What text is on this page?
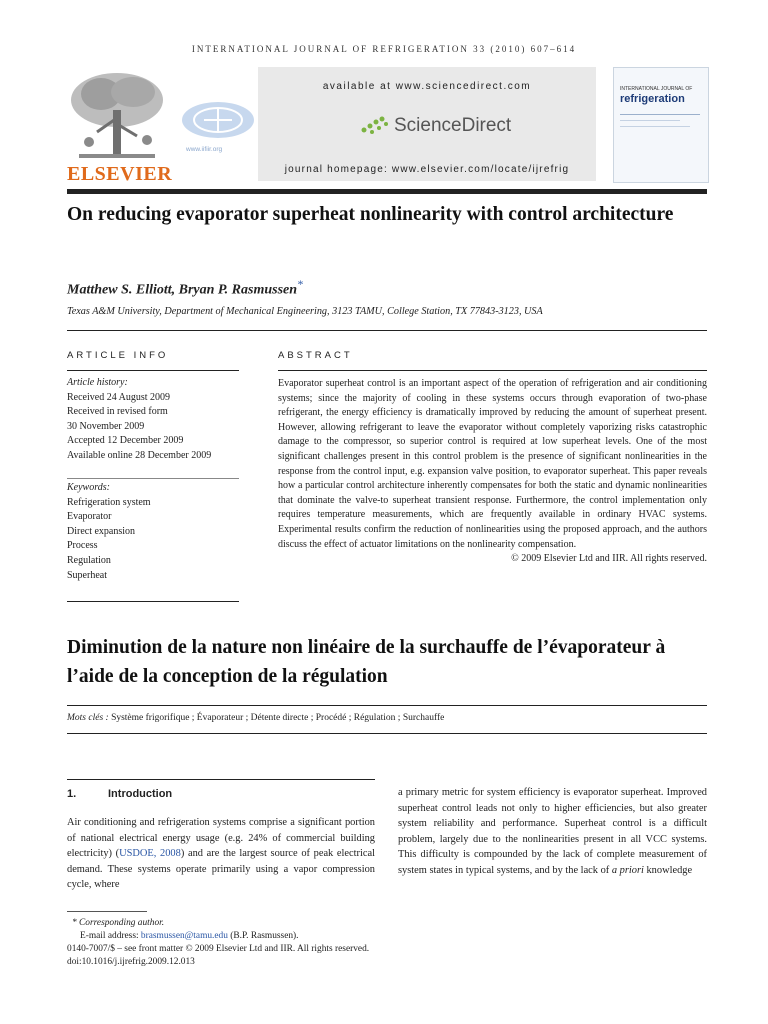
INTERNATIONAL JOURNAL OF REFRIGERATION 33 (2010) 607–614
ELSEVIER
www.iifiir.org
available at www.sciencedirect.com
ScienceDirect
journal homepage: www.elsevier.com/locate/ijrefrig
INTERNATIONAL JOURNAL OF
refrigeration
On reducing evaporator superheat nonlinearity with control architecture
Matthew S. Elliott, Bryan P. Rasmussen*
Texas A&M University, Department of Mechanical Engineering, 3123 TAMU, College Station, TX 77843-3123, USA
ARTICLE INFO
Article history:
Received 24 August 2009
Received in revised form
30 November 2009
Accepted 12 December 2009
Available online 28 December 2009
Keywords:
Refrigeration system
Evaporator
Direct expansion
Process
Regulation
Superheat
ABSTRACT
Evaporator superheat control is an important aspect of the operation of refrigeration and air conditioning systems; since the majority of cooling in these systems occurs through evaporation of two-phase refrigerant, the energy efficiency is dramatically improved by reducing the amount of superheat present. However, allowing refrigerant to leave the evaporator without completely vaporizing risks catastrophic damage to the compressor, so superior control is required at low superheat levels. One of the most significant challenges present in this control problem is the presence of significant nonlinearities in the response from the control input, e.g. expansion valve position, to evaporator superheat. This paper reveals how a particular control architecture inherently compensates for both the static and dynamic nonlinearities that dominate the valve-to superheat transient response. Furthermore, the control implementation only requires temperature measurements, which are frequently available in ordinary HVAC systems. Experimental results confirm the reduction of nonlinearities using the proposed approach, and the authors discuss the effect of actuator limitations on the nonlinearity compensation.
© 2009 Elsevier Ltd and IIR. All rights reserved.
Diminution de la nature non linéaire de la surchauffe de l’évaporateur à l’aide de la conception de la régulation
Mots clés : Système frigorifique ; Évaporateur ; Détente directe ; Procédé ; Régulation ; Surchauffe
1.	Introduction
Air conditioning and refrigeration systems comprise a significant portion of national electrical energy usage (e.g. 24% of commercial building electricity) (USDOE, 2008) and are the largest source of peak electrical demand. These systems operate primarily using a vapor compression cycle, where
a primary metric for system efficiency is evaporator superheat. Improved superheat control leads not only to higher efficiencies, but also greater system reliability and performance. Superheat control is a difficult problem, largely due to the nonlinearities present in all VCC systems. This difficulty is compounded by the lack of complete measurement of system states in typical systems, and by the lack of a priori knowledge
* Corresponding author.
E-mail address: brasmussen@tamu.edu (B.P. Rasmussen).
0140-7007/$ – see front matter © 2009 Elsevier Ltd and IIR. All rights reserved.
doi:10.1016/j.ijrefrig.2009.12.013
